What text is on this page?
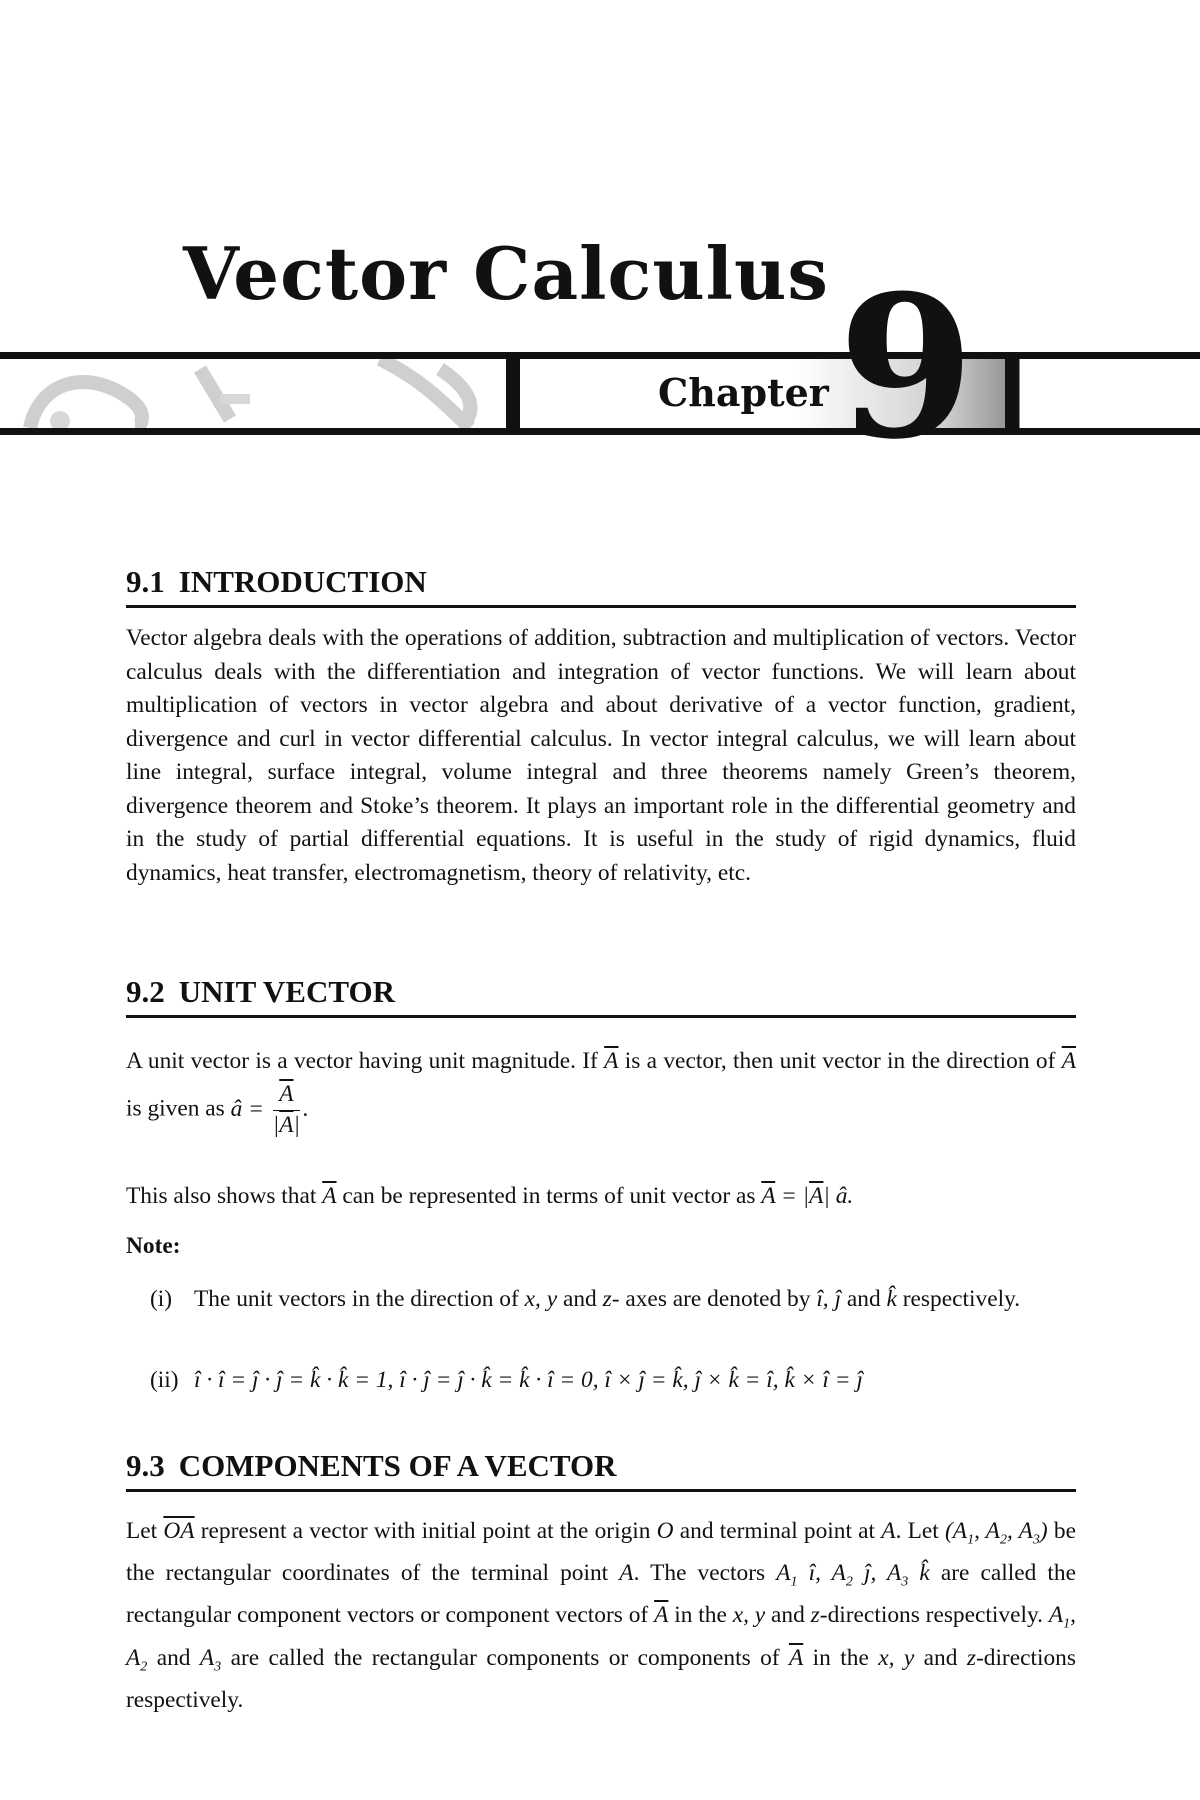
Vector Calculus
Chapter 9
9.1 INTRODUCTION

Vector algebra deals with the operations of addition, subtraction and multiplication of vectors. Vector calculus deals with the differentiation and integration of vector functions. We will learn about multiplication of vectors in vector algebra and about derivative of a vector function, gradient, divergence and curl in vector differential calculus. In vector integral calculus, we will learn about line integral, surface integral, volume integral and three theorems namely Green’s theorem, divergence theorem and Stoke’s theorem. It plays an important role in the differential geometry and in the study of partial differential equations. It is useful in the study of rigid dynamics, fluid dynamics, heat transfer, electromagnetism, theory of relativity, etc.

9.2 UNIT VECTOR
A unit vector is a vector having unit magnitude. If $\overline{A}$ is a vector, then unit vector in the direction of $\overline{A}$ is given as â = $\frac{\overline{A}}{|\overline{A}|}$ .
This also shows that $\overline{A}$ can be represented in terms of unit vector as $\overline{A} = |\overline{A}|$ â.
Note:
(i) The unit vectors in the direction of x, y and z- axes are denoted by î, ĵ and k̂ respectively.
(ii) î · î = ĵ · ĵ = k̂ · k̂ = 1, î · ĵ = ĵ · k̂ = k̂ · î = 0, î × ĵ = k̂, ĵ × k̂ = î, k̂ × î = ĵ
9.3 COMPONENTS OF A VECTOR
Let $\overline{OA}$ represent a vector with initial point at the origin O and terminal point at A. Let ($A_1$, $A_2$, $A_3$) be the rectangular coordinates of the terminal point A. The vectors $A_1$ î, $A_2$ ĵ, $A_3$ k̂ are called the rectangular component vectors or component vectors of $\overline{A}$ in the x, y and z-directions respectively. $A_1$, $A_2$ and $A_3$ are called the rectangular components or components of $\overline{A}$ in the x, y and z-directions respectively.
